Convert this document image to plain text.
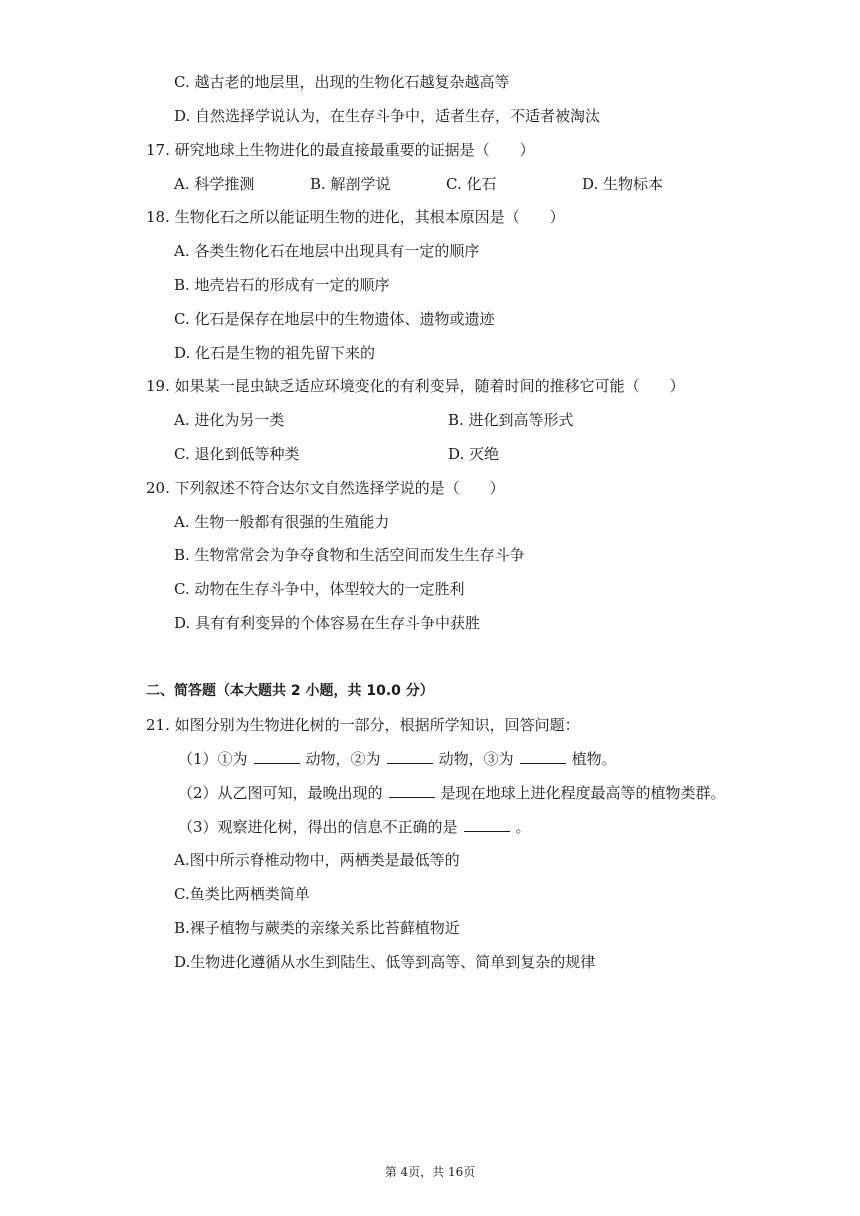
C. 越古老的地层里，出现的生物化石越复杂越高等
D. 自然选择学说认为，在生存斗争中，适者生存，不适者被淘汰
17. 研究地球上生物进化的最直接最重要的证据是（　　）
A. 科学推测	B. 解剖学说	C. 化石	D. 生物标本
18. 生物化石之所以能证明生物的进化，其根本原因是（　　）
A. 各类生物化石在地层中出现具有一定的顺序
B. 地壳岩石的形成有一定的顺序
C. 化石是保存在地层中的生物遗体、遗物或遗迹
D. 化石是生物的祖先留下来的
19. 如果某一昆虫缺乏适应环境变化的有利变异，随着时间的推移它可能（　　）
A. 进化为另一类	B. 进化到高等形式
C. 退化到低等种类	D. 灭绝
20. 下列叙述不符合达尔文自然选择学说的是（　　）
A. 生物一般都有很强的生殖能力
B. 生物常常会为争夺食物和生活空间而发生生存斗争
C. 动物在生存斗争中，体型较大的一定胜利
D. 具有有利变异的个体容易在生存斗争中获胜
二、简答题（本大题共 2 小题，共 10.0 分）
21. 如图分别为生物进化树的一部分，根据所学知识，回答问题：
（1）①为	动物，②为	动物，③为	植物。
（2）从乙图可知，最晚出现的	是现在地球上进化程度最高等的植物类群。
（3）观察进化树，得出的信息不正确的是	。
A.图中所示脊椎动物中，两栖类是最低等的
C.鱼类比两栖类简单
B.裸子植物与蕨类的亲缘关系比苔藓植物近
D.生物进化遵循从水生到陆生、低等到高等、简单到复杂的规律
第 4页，共 16页
